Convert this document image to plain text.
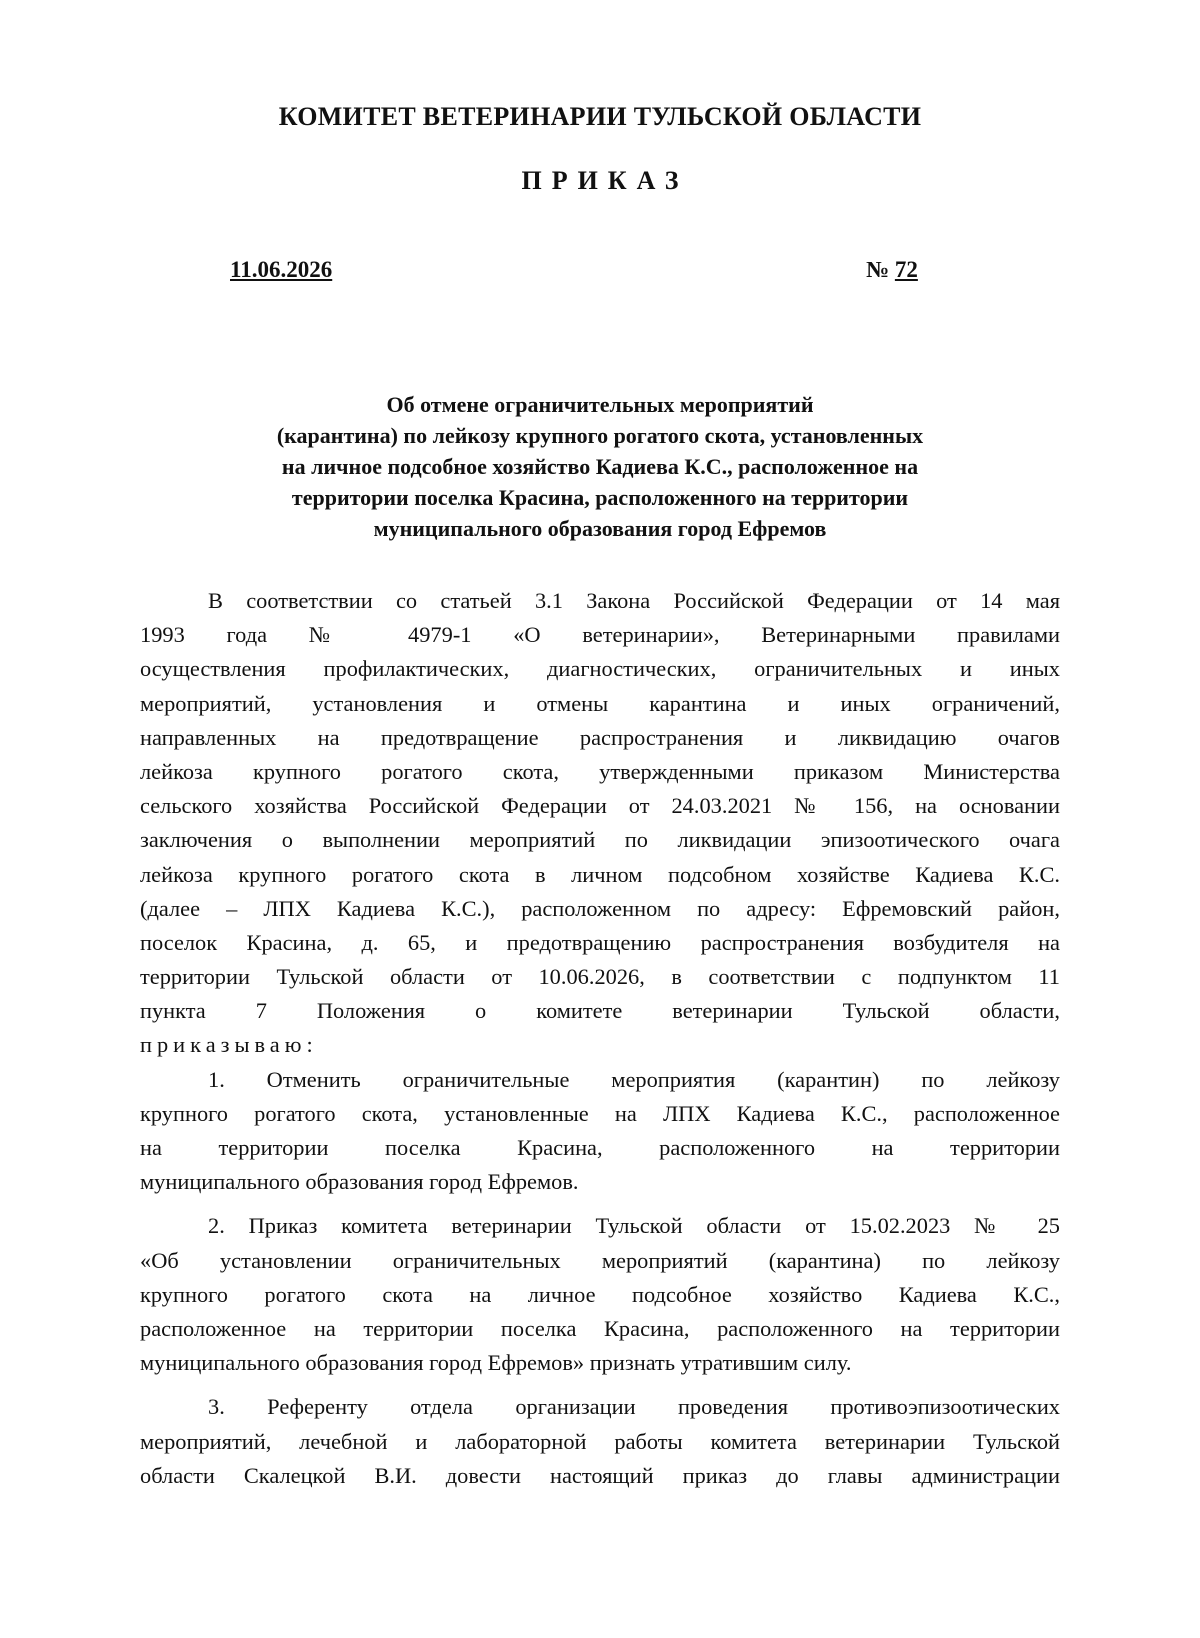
КОМИТЕТ ВЕТЕРИНАРИИ ТУЛЬСКОЙ ОБЛАСТИ
ПРИКАЗ
11.06.2026	№ 72
Об отмене ограничительных мероприятий
(карантина) по лейкозу крупного рогатого скота, установленных
на личное подсобное хозяйство Кадиева К.С., расположенное на
территории поселка Красина, расположенного на территории
муниципального образования город Ефремов
В соответствии со статьей 3.1 Закона Российской Федерации от 14 мая
1993 года № 4979-1 «О ветеринарии», Ветеринарными правилами
осуществления профилактических, диагностических, ограничительных и иных
мероприятий, установления и отмены карантина и иных ограничений,
направленных на предотвращение распространения и ликвидацию очагов
лейкоза крупного рогатого скота, утвержденными приказом Министерства
сельского хозяйства Российской Федерации от 24.03.2021 № 156, на основании
заключения о выполнении мероприятий по ликвидации эпизоотического очага
лейкоза крупного рогатого скота в личном подсобном хозяйстве Кадиева К.С.
(далее – ЛПХ Кадиева К.С.), расположенном по адресу: Ефремовский район,
поселок Красина, д. 65, и предотвращению распространения возбудителя на
территории Тульской области от 10.06.2026, в соответствии с подпунктом 11
пункта 7 Положения о комитете ветеринарии Тульской области,
приказываю:
1. Отменить ограничительные мероприятия (карантин) по лейкозу
крупного рогатого скота, установленные на ЛПХ Кадиева К.С., расположенное
на территории поселка Красина, расположенного на территории
муниципального образования город Ефремов.
2. Приказ комитета ветеринарии Тульской области от 15.02.2023 № 25
«Об установлении ограничительных мероприятий (карантина) по лейкозу
крупного рогатого скота на личное подсобное хозяйство Кадиева К.С.,
расположенное на территории поселка Красина, расположенного на территории
муниципального образования город Ефремов» признать утратившим силу.
3. Референту отдела организации проведения противоэпизоотических
мероприятий, лечебной и лабораторной работы комитета ветеринарии Тульской
области Скалецкой В.И. довести настоящий приказ до главы администрации
